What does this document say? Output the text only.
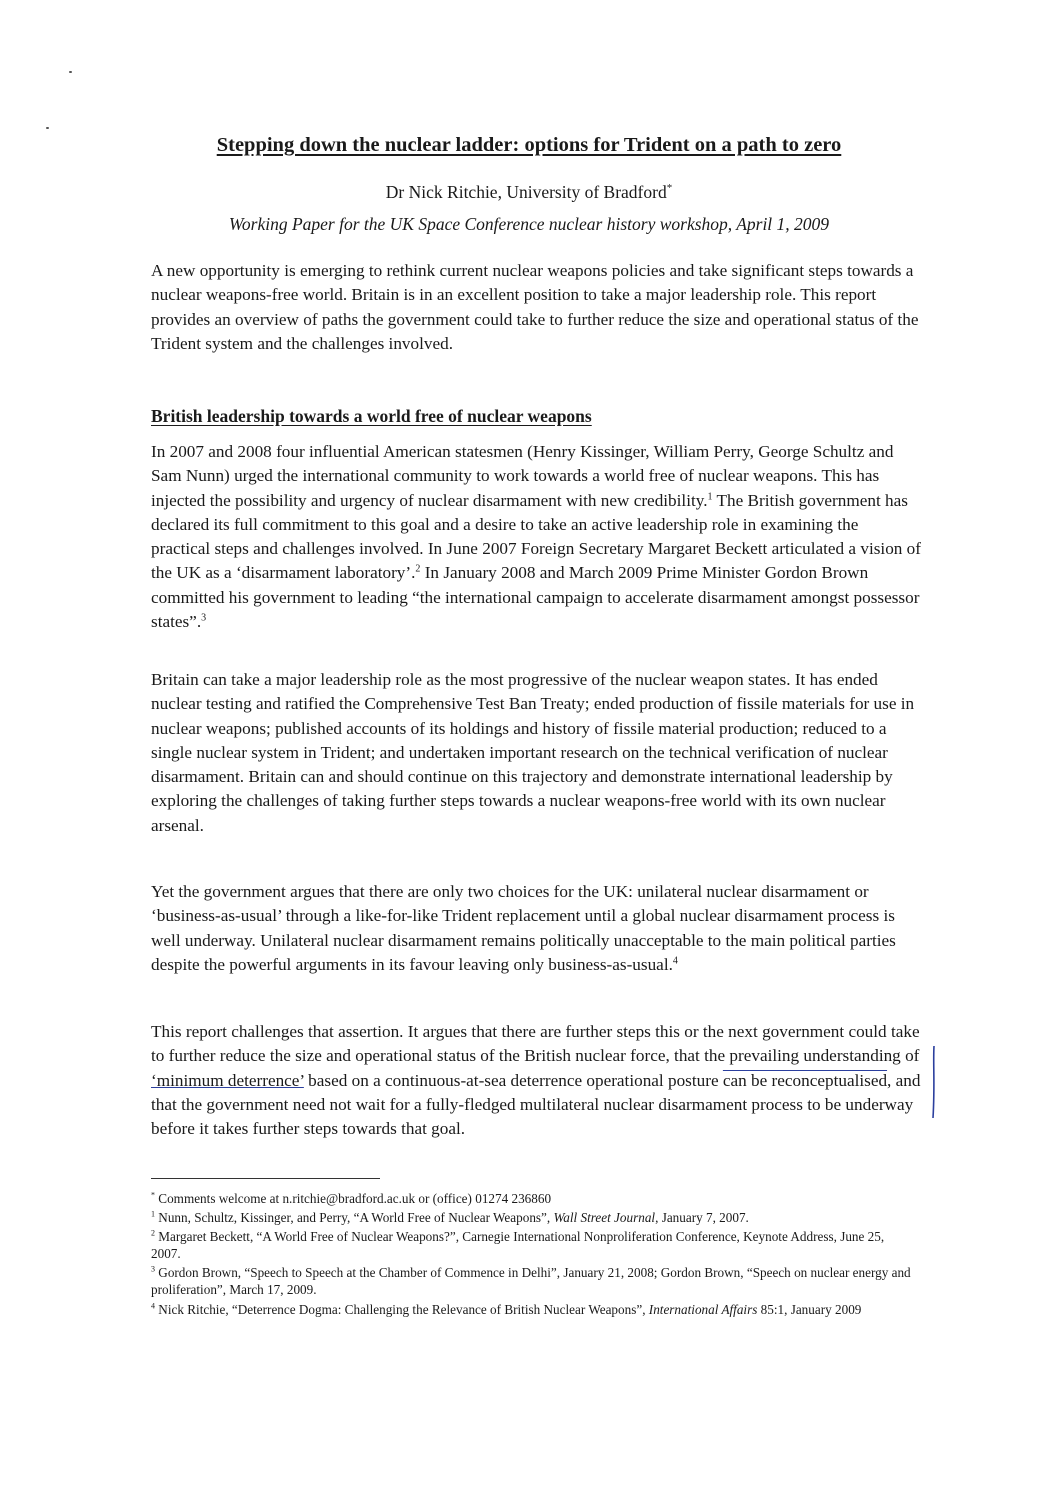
Stepping down the nuclear ladder: options for Trident on a path to zero
Dr Nick Ritchie, University of Bradford*
Working Paper for the UK Space Conference nuclear history workshop, April 1, 2009

A new opportunity is emerging to rethink current nuclear weapons policies and take significant steps towards a nuclear weapons-free world. Britain is in an excellent position to take a major leadership role. This report provides an overview of paths the government could take to further reduce the size and operational status of the Trident system and the challenges involved.

British leadership towards a world free of nuclear weapons

In 2007 and 2008 four influential American statesmen (Henry Kissinger, William Perry, George Schultz and Sam Nunn) urged the international community to work towards a world free of nuclear weapons. This has injected the possibility and urgency of nuclear disarmament with new credibility.$^1$ The British government has declared its full commitment to this goal and a desire to take an active leadership role in examining the practical steps and challenges involved. In June 2007 Foreign Secretary Margaret Beckett articulated a vision of the UK as a ‘disarmament laboratory’.$^2$ In January 2008 and March 2009 Prime Minister Gordon Brown committed his government to leading “the international campaign to accelerate disarmament amongst possessor states”.$^3$

Britain can take a major leadership role as the most progressive of the nuclear weapon states. It has ended nuclear testing and ratified the Comprehensive Test Ban Treaty; ended production of fissile materials for use in nuclear weapons; published accounts of its holdings and history of fissile material production; reduced to a single nuclear system in Trident; and undertaken important research on the technical verification of nuclear disarmament. Britain can and should continue on this trajectory and demonstrate international leadership by exploring the challenges of taking further steps towards a nuclear weapons-free world with its own nuclear arsenal.

Yet the government argues that there are only two choices for the UK: unilateral nuclear disarmament or ‘business-as-usual’ through a like-for-like Trident replacement until a global nuclear disarmament process is well underway. Unilateral nuclear disarmament remains politically unacceptable to the main political parties despite the powerful arguments in its favour leaving only business-as-usual.$^4$

This report challenges that assertion. It argues that there are further steps this or the next government could take to further reduce the size and operational status of the British nuclear force, that the prevailing understanding of ‘minimum deterrence’ based on a continuous-at-sea deterrence operational posture can be reconceptualised, and that the government need not wait for a fully-fledged multilateral nuclear disarmament process to be underway before it takes further steps towards that goal.

* Comments welcome at n.ritchie@bradford.ac.uk or (office) 01274 236860

$^1$ Nunn, Schultz, Kissinger, and Perry, “A World Free of Nuclear Weapons”, Wall Street Journal, January 7, 2007.

$^2$ Margaret Beckett, “A World Free of Nuclear Weapons?”, Carnegie International Nonproliferation Conference, Keynote Address, June 25, 2007.

$^3$ Gordon Brown, “Speech to Speech at the Chamber of Commence in Delhi”, January 21, 2008; Gordon Brown, “Speech on nuclear energy and proliferation”, March 17, 2009.

$^4$ Nick Ritchie, “Deterrence Dogma: Challenging the Relevance of British Nuclear Weapons”, International Affairs 85:1, January 2009
